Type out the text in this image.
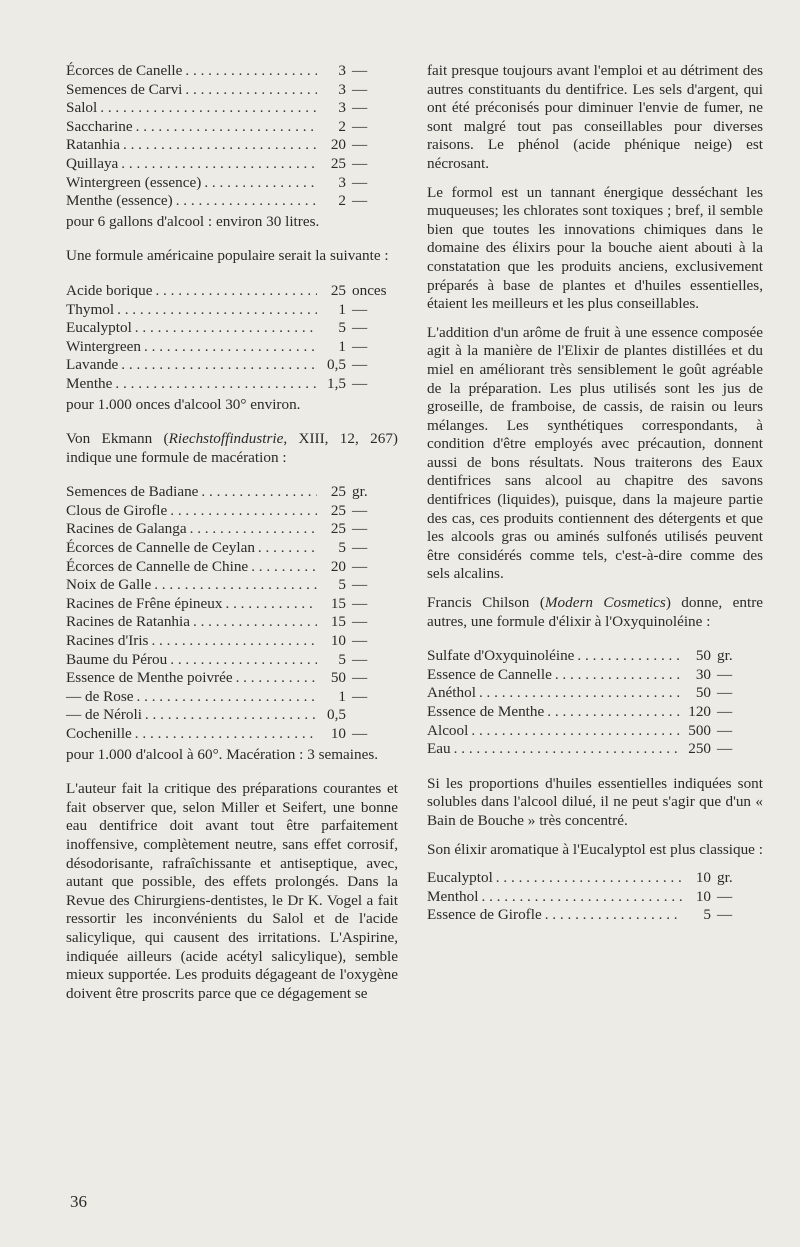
Écorces de Canelle . . .	3 —
Semences de Carvi . . .	3 —
Salol . . .	3 —
Saccharine . . .	2 —
Ratanhia . . .	20 —
Quillaya . . .	25 —
Wintergreen (essence) . . .	3 —
Menthe (essence) . . .	2 —

pour 6 gallons d'alcool : environ 30 litres.

Une formule américaine populaire serait la suivante :

Acide borique . . .	25 onces
Thymol . . .	1 —
Eucalyptol . . .	5 —
Wintergreen . . .	1 —
Lavande . . .	0,5 —
Menthe . . .	1,5 —

pour 1.000 onces d'alcool 30° environ.

Von Ekmann (Riechstoffindustrie, XIII, 12, 267) indique une formule de macération :

Semences de Badiane . . .	25 gr.
Clous de Girofle . . .	25 —
Racines de Galanga . . .	25 —
Écorces de Cannelle de Ceylan . . .	5 —
Écorces de Cannelle de Chine . . .	20 —
Noix de Galle . . .	5 —
Racines de Frêne épineux . . .	15 —
Racines de Ratanhia . . .	15 —
Racines d'Iris . . .	10 —
Baume du Pérou . . .	5 —
Essence de Menthe poivrée . . .	50 —
— de Rose . . .	1 —
— de Néroli . . .	0,5
Cochenille . . .	10 —

pour 1.000 d'alcool à 60°. Macération : 3 semaines.

L'auteur fait la critique des préparations courantes et fait observer que, selon Miller et Seifert, une bonne eau dentifrice doit avant tout être parfaitement inoffensive, complètement neutre, sans effet corrosif, désodorisante, rafraîchissante et antiseptique, avec, autant que possible, des effets prolongés. Dans la Revue des Chirurgiens-dentistes, le Dr K. Vogel a fait ressortir les inconvénients du Salol et de l'acide salicylique, qui causent des irritations. L'Aspirine, indiquée ailleurs (acide acétyl salicylique), semble mieux supportée. Les produits dégageant de l'oxygène doivent être proscrits parce que ce dégagement se

fait presque toujours avant l'emploi et au détriment des autres constituants du dentifrice. Les sels d'argent, qui ont été préconisés pour diminuer l'envie de fumer, ne sont malgré tout pas conseillables pour diverses raisons. Le phénol (acide phénique neige) est nécrosant.

Le formol est un tannant énergique desséchant les muqueuses; les chlorates sont toxiques ; bref, il semble bien que toutes les innovations chimiques dans le domaine des élixirs pour la bouche aient abouti à la constatation que les produits anciens, exclusivement préparés à base de plantes et d'huiles essentielles, étaient les meilleurs et les plus conseillables.

L'addition d'un arôme de fruit à une essence composée agit à la manière de l'Elixir de plantes distillées et du miel en améliorant très sensiblement le goût agréable de la préparation. Les plus utilisés sont les jus de groseille, de framboise, de cassis, de raisin ou leurs mélanges. Les synthétiques correspondants, à condition d'être employés avec précaution, donnent aussi de bons résultats. Nous traiterons des Eaux dentifrices sans alcool au chapitre des savons dentifrices (liquides), puisque, dans la majeure partie des cas, ces produits contiennent des détergents et que les alcools gras ou aminés sulfonés utilisés peuvent être considérés comme tels, c'est-à-dire comme des sels alcalins.

Francis Chilson (Modern Cosmetics) donne, entre autres, une formule d'élixir à l'Oxyquinoléine :

Sulfate d'Oxyquinoléine . . .	50 gr.
Essence de Cannelle . . .	30 —
Anéthol . . .	50 —
Essence de Menthe . . .	120 —
Alcool . . .	500 —
Eau . . .	250 —

Si les proportions d'huiles essentielles indiquées sont solubles dans l'alcool dilué, il ne peut s'agir que d'un « Bain de Bouche » très concentré.

Son élixir aromatique à l'Eucalyptol est plus classique :

Eucalyptol . . .	10 gr.
Menthol . . .	10 —
Essence de Girofle . . .	5 —
36
